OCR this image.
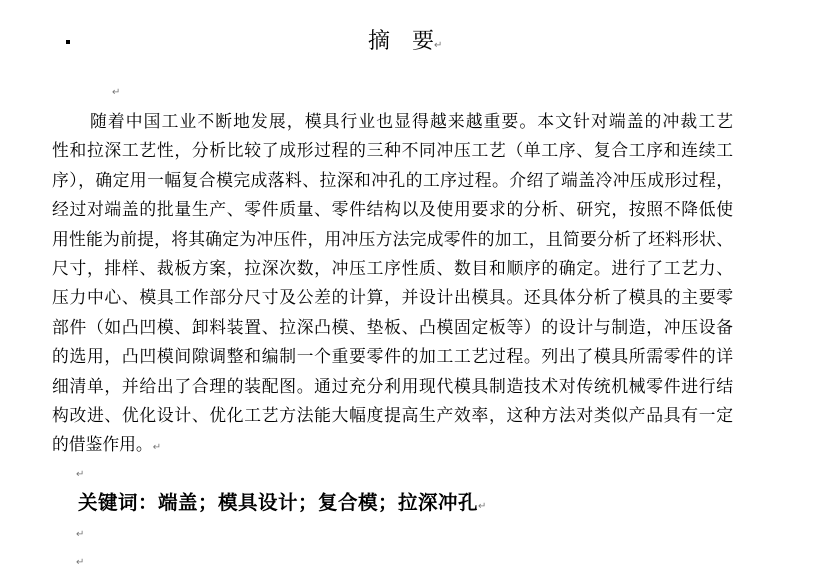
摘　要↵
↵
随着中国工业不断地发展，模具行业也显得越来越重要。本文针对端盖的冲裁工艺
性和拉深工艺性，分析比较了成形过程的三种不同冲压工艺（单工序、复合工序和连续工
序），确定用一幅复合模完成落料、拉深和冲孔的工序过程。介绍了端盖冷冲压成形过程，
经过对端盖的批量生产、零件质量、零件结构以及使用要求的分析、研究，按照不降低使
用性能为前提，将其确定为冲压件，用冲压方法完成零件的加工，且简要分析了坯料形状、
尺寸，排样、裁板方案，拉深次数，冲压工序性质、数目和顺序的确定。进行了工艺力、
压力中心、模具工作部分尺寸及公差的计算，并设计出模具。还具体分析了模具的主要零
部件（如凸凹模、卸料装置、拉深凸模、垫板、凸模固定板等）的设计与制造，冲压设备
的选用，凸凹模间隙调整和编制一个重要零件的加工工艺过程。列出了模具所需零件的详
细清单，并给出了合理的装配图。通过充分利用现代模具制造技术对传统机械零件进行结
构改进、优化设计、优化工艺方法能大幅度提高生产效率，这种方法对类似产品具有一定
的借鉴作用。↵
↵
关键词：端盖；模具设计；复合模；拉深冲孔↵
↵
↵
